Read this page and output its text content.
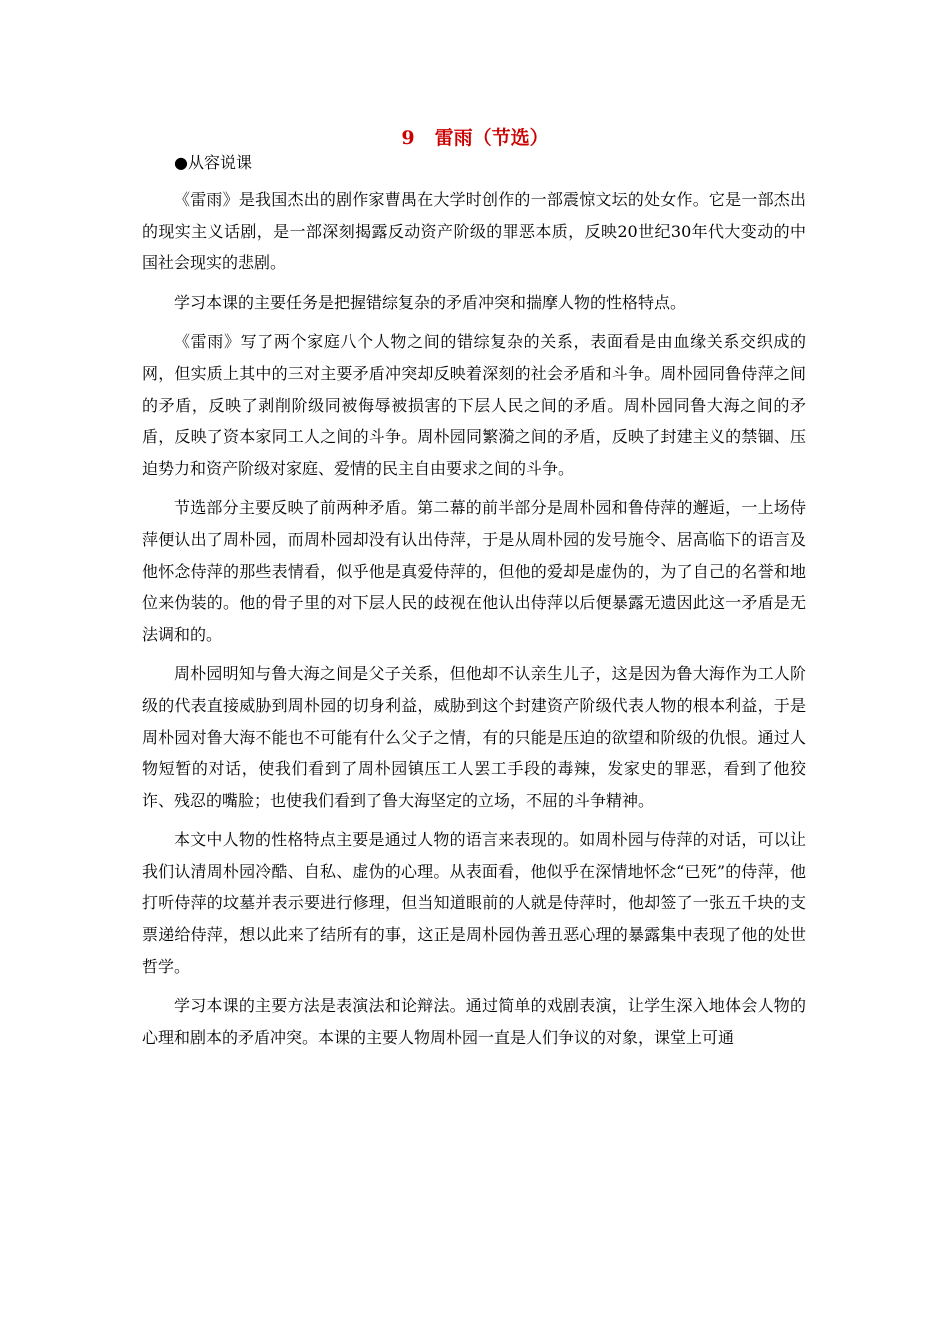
9 雷雨（节选）
●从容说课

《雷雨》是我国杰出的剧作家曹禺在大学时创作的一部震惊文坛的处女作。它是一部杰出的现实主义话剧，是一部深刻揭露反动资产阶级的罪恶本质，反映20世纪30年代大变动的中国社会现实的悲剧。

学习本课的主要任务是把握错综复杂的矛盾冲突和揣摩人物的性格特点。

《雷雨》写了两个家庭八个人物之间的错综复杂的关系，表面看是由血缘关系交织成的网，但实质上其中的三对主要矛盾冲突却反映着深刻的社会矛盾和斗争。周朴园同鲁侍萍之间的矛盾，反映了剥削阶级同被侮辱被损害的下层人民之间的矛盾。周朴园同鲁大海之间的矛盾，反映了资本家同工人之间的斗争。周朴园同繁漪之间的矛盾，反映了封建主义的禁锢、压迫势力和资产阶级对家庭、爱情的民主自由要求之间的斗争。

节选部分主要反映了前两种矛盾。第二幕的前半部分是周朴园和鲁侍萍的邂逅，一上场侍萍便认出了周朴园，而周朴园却没有认出侍萍，于是从周朴园的发号施令、居高临下的语言及他怀念侍萍的那些表情看，似乎他是真爱侍萍的，但他的爱却是虚伪的，为了自己的名誉和地位来伪装的。他的骨子里的对下层人民的歧视在他认出侍萍以后便暴露无遗因此这一矛盾是无法调和的。

周朴园明知与鲁大海之间是父子关系，但他却不认亲生儿子，这是因为鲁大海作为工人阶级的代表直接威胁到周朴园的切身利益，威胁到这个封建资产阶级代表人物的根本利益，于是周朴园对鲁大海不能也不可能有什么父子之情，有的只能是压迫的欲望和阶级的仇恨。通过人物短暂的对话，使我们看到了周朴园镇压工人罢工手段的毒辣，发家史的罪恶，看到了他狡诈、残忍的嘴脸；也使我们看到了鲁大海坚定的立场，不屈的斗争精神。

本文中人物的性格特点主要是通过人物的语言来表现的。如周朴园与侍萍的对话，可以让我们认清周朴园冷酷、自私、虚伪的心理。从表面看，他似乎在深情地怀念“已死”的侍萍，他打听侍萍的坟墓并表示要进行修理，但当知道眼前的人就是侍萍时，他却签了一张五千块的支票递给侍萍，想以此来了结所有的事，这正是周朴园伪善丑恶心理的暴露集中表现了他的处世哲学。

学习本课的主要方法是表演法和论辩法。通过简单的戏剧表演，让学生深入地体会人物的心理和剧本的矛盾冲突。本课的主要人物周朴园一直是人们争议的对象，课堂上可通
